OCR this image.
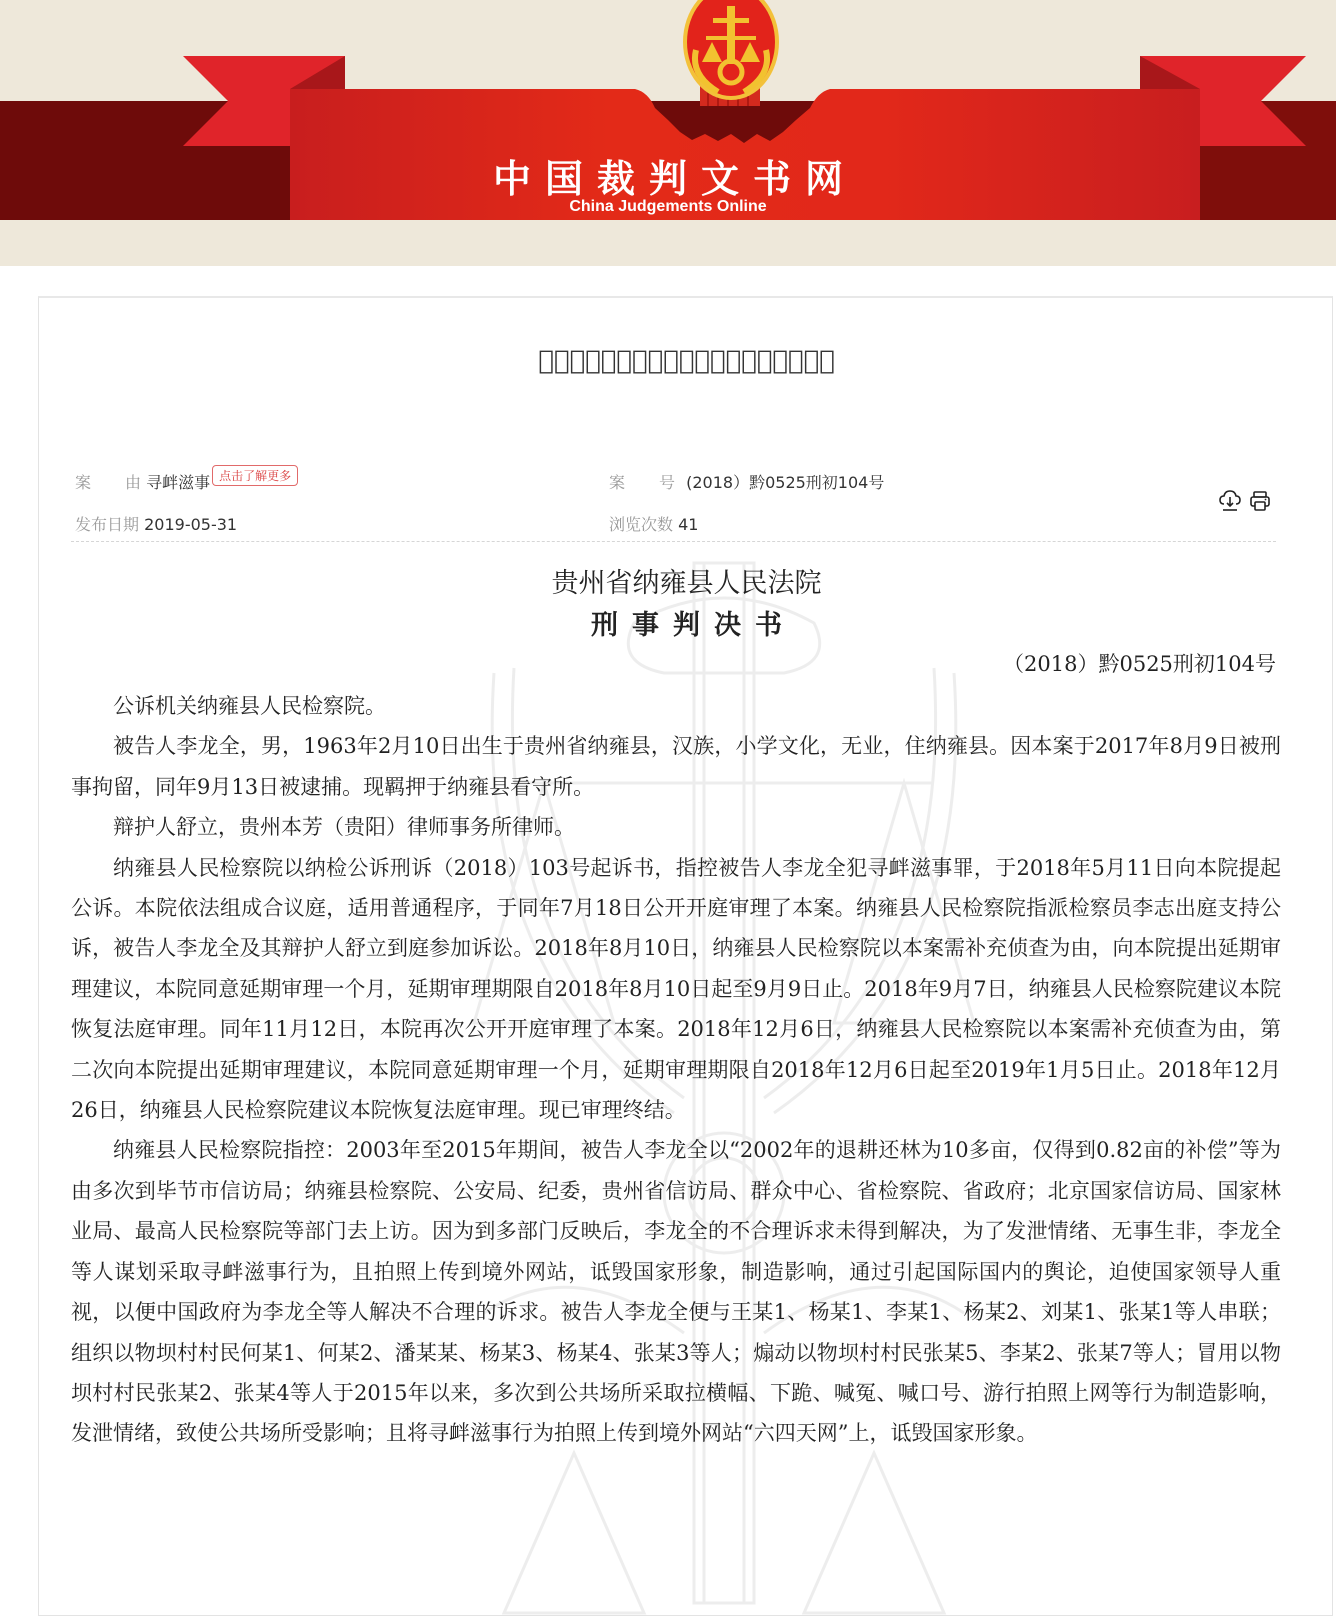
中国裁判文书网
China Judgements Online
𬈖告人李龙全寻衅滋事一案一审刑事判决书
案 由 寻衅滋事 点击了解更多	案 号 (2018）黔0525刑初104号
发布日期 2019-05-31	浏览次数 41
贵州省纳雍县人民法院
刑事判决书
（2018）黔0525刑初104号

公诉机关纳雍县人民检察院。

被告人李龙全，男，1963年2月10日出生于贵州省纳雍县，汉族，小学文化，无业，住纳雍县。因本案于2017年8月9日被刑事拘留，同年9月13日被逮捕。现羁押于纳雍县看守所。

辩护人舒立，贵州本芳（贵阳）律师事务所律师。

纳雍县人民检察院以纳检公诉刑诉（2018）103号起诉书，指控被告人李龙全犯寻衅滋事罪，于2018年5月11日向本院提起公诉。本院依法组成合议庭，适用普通程序，于同年7月18日公开开庭审理了本案。纳雍县人民检察院指派检察员李志出庭支持公诉，被告人李龙全及其辩护人舒立到庭参加诉讼。2018年8月10日，纳雍县人民检察院以本案需补充侦查为由，向本院提出延期审理建议，本院同意延期审理一个月，延期审理期限自2018年8月10日起至9月9日止。2018年9月7日，纳雍县人民检察院建议本院恢复法庭审理。同年11月12日，本院再次公开开庭审理了本案。2018年12月6日，纳雍县人民检察院以本案需补充侦查为由，第二次向本院提出延期审理建议，本院同意延期审理一个月，延期审理期限自2018年12月6日起至2019年1月5日止。2018年12月26日，纳雍县人民检察院建议本院恢复法庭审理。现已审理终结。

纳雍县人民检察院指控：2003年至2015年期间，被告人李龙全以“2002年的退耕还林为10多亩，仅得到0.82亩的补偿”等为由多次到毕节市信访局；纳雍县检察院、公安局、纪委，贵州省信访局、群众中心、省检察院、省政府；北京国家信访局、国家林业局、最高人民检察院等部门去上访。因为到多部门反映后，李龙全的不合理诉求未得到解决，为了发泄情绪、无事生非，李龙全等人谋划采取寻衅滋事行为，且拍照上传到境外网站，诋毁国家形象，制造影响，通过引起国际国内的舆论，迫使国家领导人重视，以便中国政府为李龙全等人解决不合理的诉求。被告人李龙全便与王某1、杨某1、李某1、杨某2、刘某1、张某1等人串联；组织以物坝村村民何某1、何某2、潘某某、杨某3、杨某4、张某3等人；煽动以物坝村村民张某5、李某2、张某7等人；冒用以物坝村村民张某2、张某4等人于2015年以来，多次到公共场所采取拉横幅、下跪、喊冤、喊口号、游行拍照上网等行为制造影响，发泄情绪，致使公共场所受影响；且将寻衅滋事行为拍照上传到境外网站“六四天网”上，诋毁国家形象。
